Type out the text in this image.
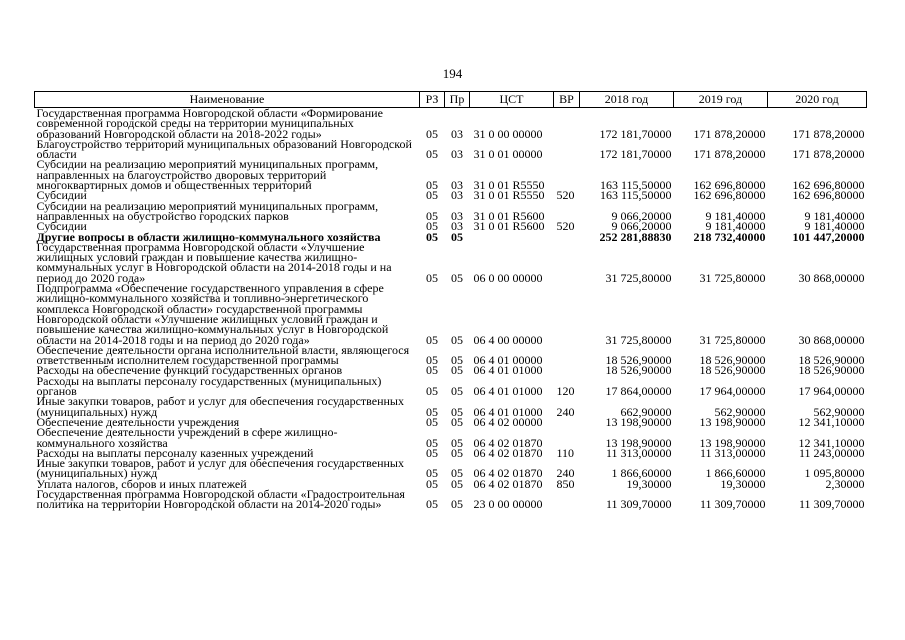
194
Наименование	РЗ	Пр	ЦСТ	ВР	2018 год	2019 год	2020 год
Государственная программа Новгородской области «Формирование современной городской среды на территории муниципальных образований Новгородской области на 2018-2022 годы»	05	03	31 0 00 00000		172 181,70000	171 878,20000	171 878,20000
Благоустройство территорий муниципальных образований Новгородской области	05	03	31 0 01 00000		172 181,70000	171 878,20000	171 878,20000
Субсидии на реализацию мероприятий муниципальных программ, направленных на благоустройство дворовых территорий многоквартирных домов и общественных территорий	05	03	31 0 01 R5550		163 115,50000	162 696,80000	162 696,80000
Субсидии	05	03	31 0 01 R5550	520	163 115,50000	162 696,80000	162 696,80000
Субсидии на реализацию мероприятий муниципальных программ, направленных на обустройство городских парков	05	03	31 0 01 R5600		9 066,20000	9 181,40000	9 181,40000
Субсидии	05	03	31 0 01 R5600	520	9 066,20000	9 181,40000	9 181,40000
Другие вопросы в области жилищно-коммунального хозяйства	05	05			252 281,88830	218 732,40000	101 447,20000
Государственная программа Новгородской области «Улучшение жилищных условий граждан и повышение качества жилищно-коммунальных услуг в Новгородской области на 2014-2018 годы и на период до 2020 года»	05	05	06 0 00 00000		31 725,80000	31 725,80000	30 868,00000
Подпрограмма «Обеспечение государственного управления в сфере жилищно-коммунального хозяйства и топливно-энергетического комплекса Новгородской области» государственной программы Новгородской области «Улучшение жилищных условий граждан и повышение качества жилищно-коммунальных услуг в Новгородской области на 2014-2018 годы и на период до 2020 года»	05	05	06 4 00 00000		31 725,80000	31 725,80000	30 868,00000
Обеспечение деятельности органа исполнительной власти, являющегося ответственным исполнителем государственной программы	05	05	06 4 01 00000		18 526,90000	18 526,90000	18 526,90000
Расходы на обеспечение функций государственных органов	05	05	06 4 01 01000		18 526,90000	18 526,90000	18 526,90000
Расходы на выплаты персоналу государственных (муниципальных) органов	05	05	06 4 01 01000	120	17 864,00000	17 964,00000	17 964,00000
Иные закупки товаров, работ и услуг для обеспечения государственных (муниципальных) нужд	05	05	06 4 01 01000	240	662,90000	562,90000	562,90000
Обеспечение деятельности учреждения	05	05	06 4 02 00000		13 198,90000	13 198,90000	12 341,10000
Обеспечение деятельности учреждений в сфере жилищно-коммунального хозяйства	05	05	06 4 02 01870		13 198,90000	13 198,90000	12 341,10000
Расходы на выплаты персоналу казенных учреждений	05	05	06 4 02 01870	110	11 313,00000	11 313,00000	11 243,00000
Иные закупки товаров, работ и услуг для обеспечения государственных (муниципальных) нужд	05	05	06 4 02 01870	240	1 866,60000	1 866,60000	1 095,80000
Уплата налогов, сборов и иных платежей	05	05	06 4 02 01870	850	19,30000	19,30000	2,30000
Государственная программа Новгородской области «Градостроительная политика на территории Новгородской области на 2014-2020 годы»	05	05	23 0 00 00000		11 309,70000	11 309,70000	11 309,70000
